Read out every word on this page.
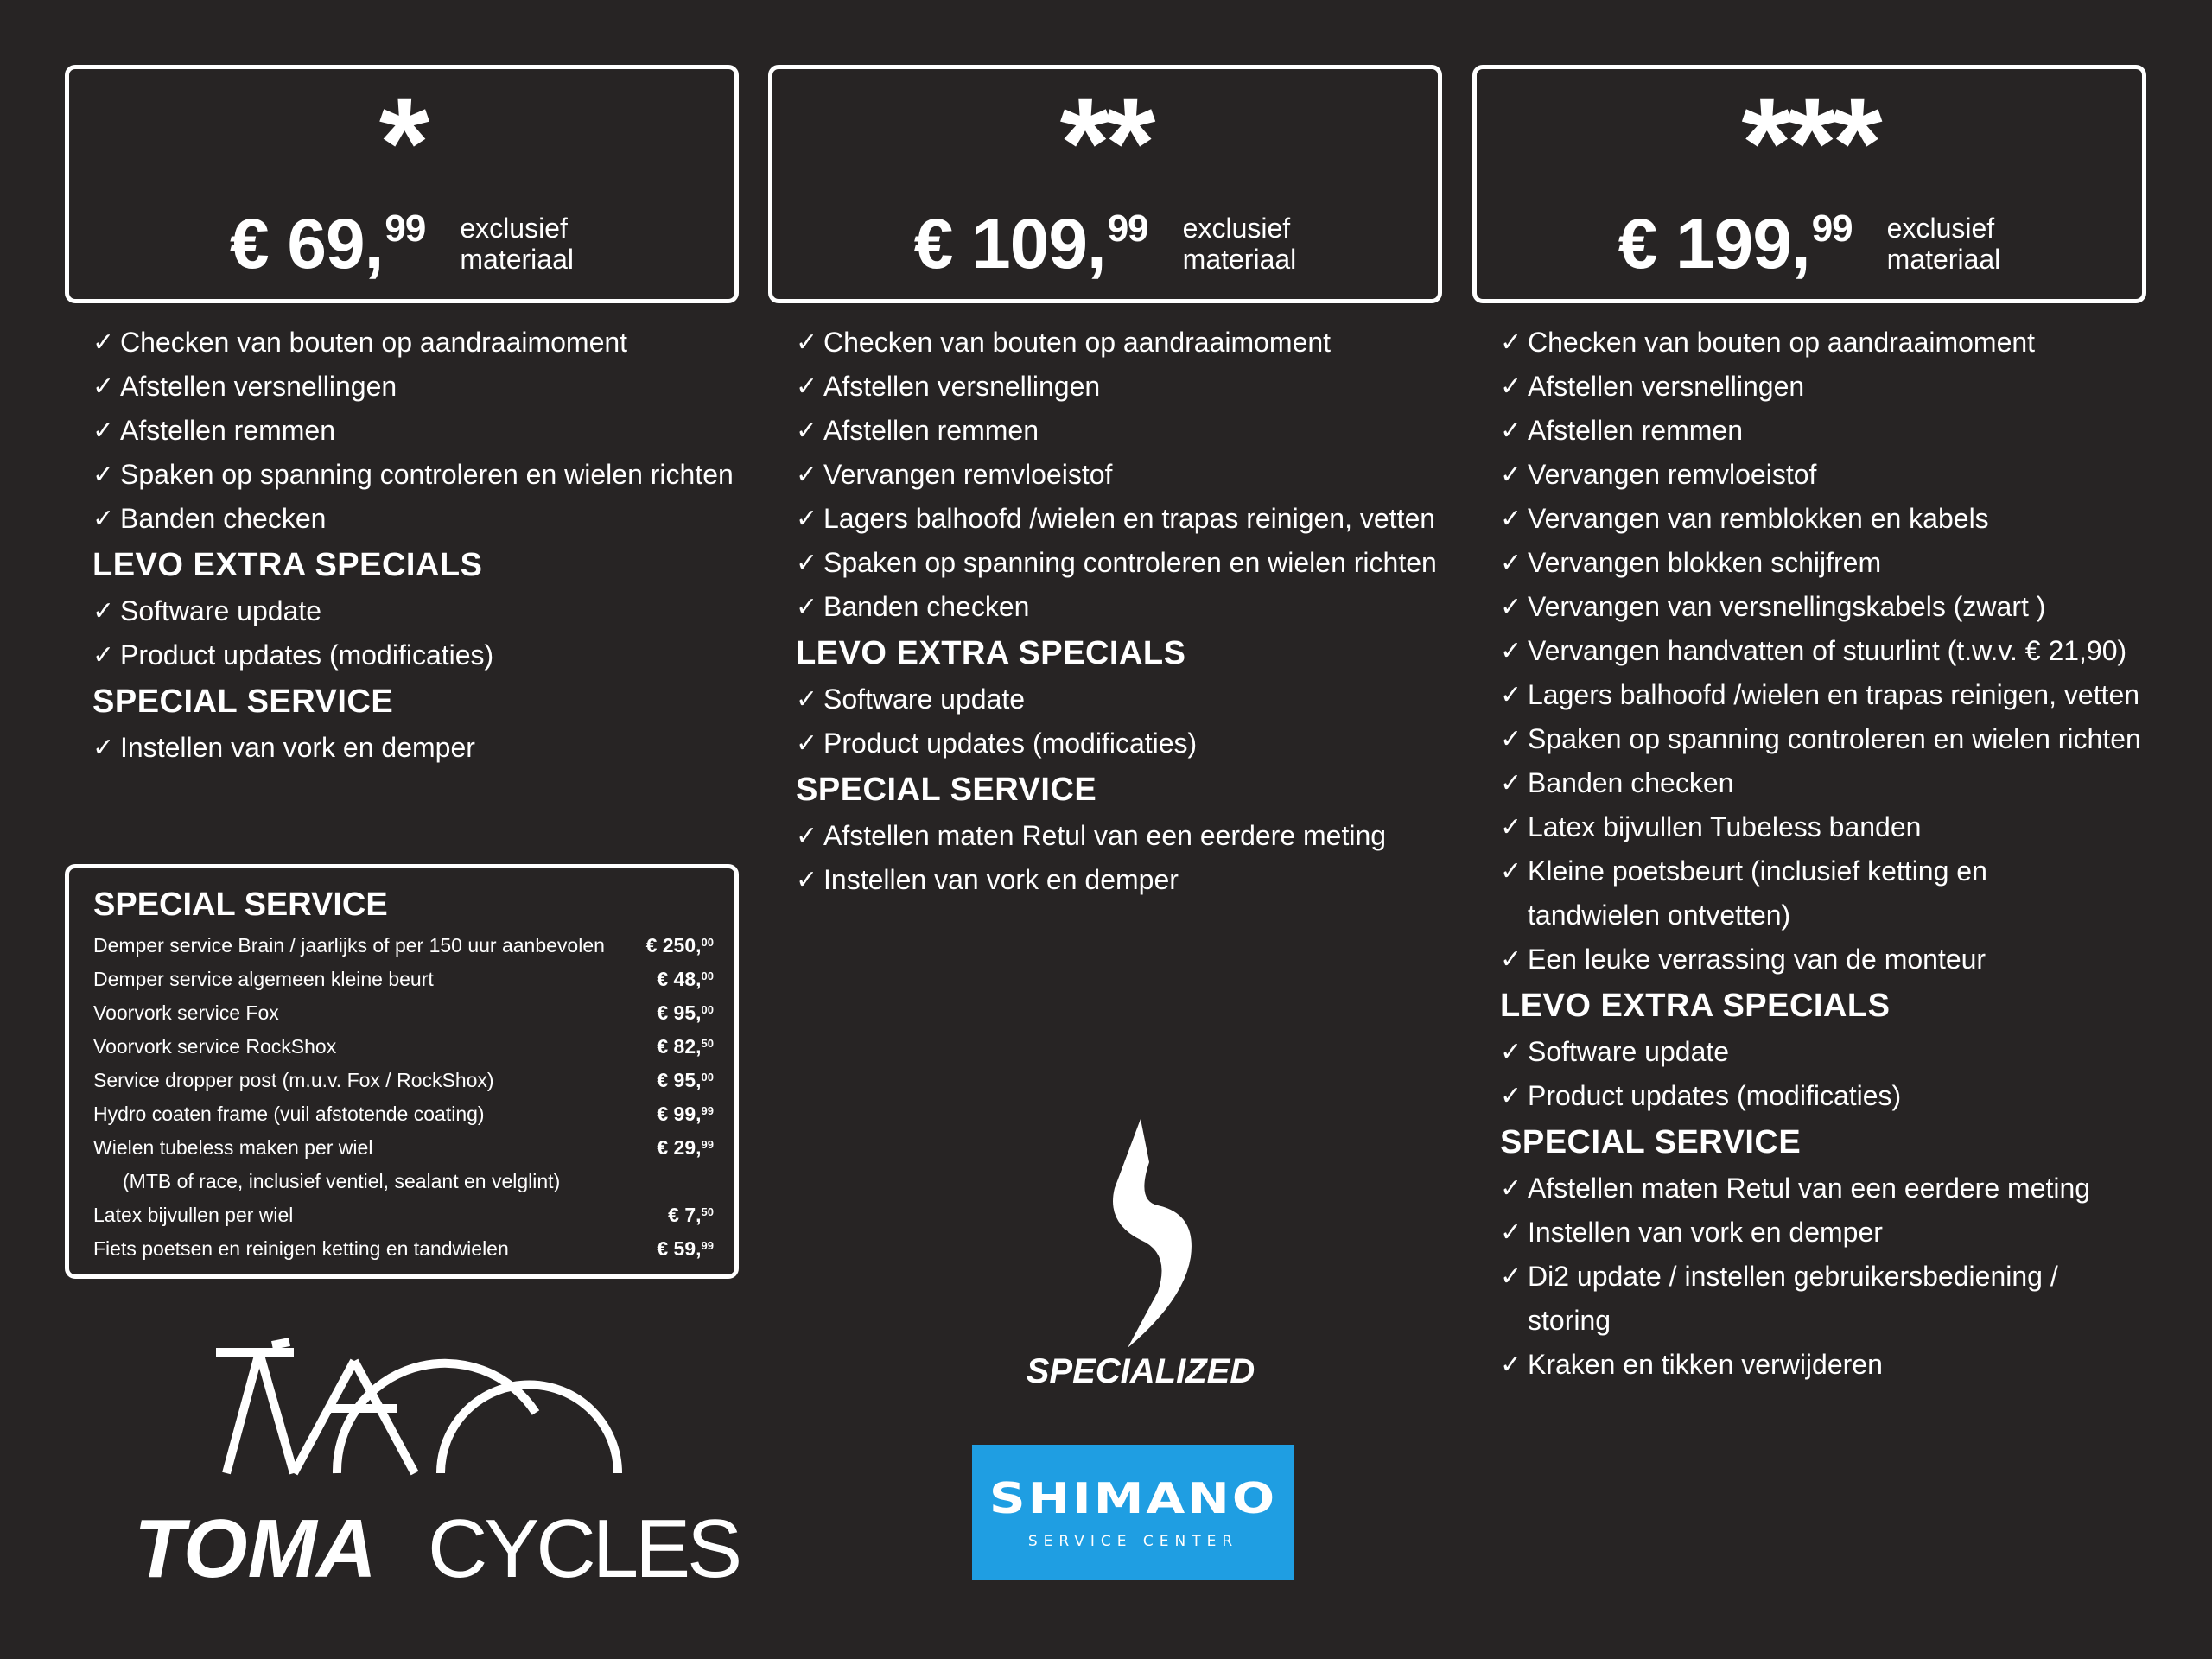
*
€ 69,99 exclusief
materiaal
✓ Checken van bouten op aandraaimoment
✓ Afstellen versnellingen
✓ Afstellen remmen
✓ Spaken op spanning controleren en wielen richten
✓ Banden checken
LEVO EXTRA SPECIALS
✓ Software update
✓ Product updates (modificaties)
SPECIAL SERVICE
✓ Instellen van vork en demper
**
€ 109,99 exclusief
materiaal
✓ Checken van bouten op aandraaimoment
✓ Afstellen versnellingen
✓ Afstellen remmen
✓ Vervangen remvloeistof
✓ Lagers balhoofd /wielen en trapas reinigen, vetten
✓ Spaken op spanning controleren en wielen richten
✓ Banden checken
LEVO EXTRA SPECIALS
✓ Software update
✓ Product updates (modificaties)
SPECIAL SERVICE
✓ Afstellen maten Retul van een eerdere meting
✓ Instellen van vork en demper
***
€ 199,99 exclusief
materiaal
✓ Checken van bouten op aandraaimoment
✓ Afstellen versnellingen
✓ Afstellen remmen
✓ Vervangen remvloeistof
✓ Vervangen van remblokken en kabels
✓ Vervangen blokken schijfrem
✓ Vervangen van versnellingskabels (zwart )
✓ Vervangen handvatten of stuurlint (t.w.v. € 21,90)
✓ Lagers balhoofd /wielen en trapas reinigen, vetten
✓ Spaken op spanning controleren en wielen richten
✓ Banden checken
✓ Latex bijvullen Tubeless banden
✓ Kleine poetsbeurt (inclusief ketting en tandwielen ontvetten)
✓ Een leuke verrassing van de monteur
LEVO EXTRA SPECIALS
✓ Software update
✓ Product updates (modificaties)
SPECIAL SERVICE
✓ Afstellen maten Retul van een eerdere meting
✓ Instellen van vork en demper
✓ Di2 update / instellen gebruikersbediening / storing
✓ Kraken en tikken verwijderen
SPECIAL SERVICE
Demper service Brain / jaarlijks of per 150 uur aanbevolen € 250,00
Demper service algemeen kleine beurt	€ 48,00
Voorvork service Fox	€ 95,00
Voorvork service RockShox	€ 82,50
Service dropper post (m.u.v. Fox / RockShox)	€ 95,00
Hydro coaten frame (vuil afstotende coating)	€ 99,99
Wielen tubeless maken per wiel	€ 29,99
(MTB of race, inclusief ventiel, sealant en velglint)
Latex bijvullen per wiel	€ 7,50
Fiets poetsen en reinigen ketting en tandwielen	€ 59,99
TOMA CYCLES
SPECIALIZED
SHIMANO
SERVICE CENTER
